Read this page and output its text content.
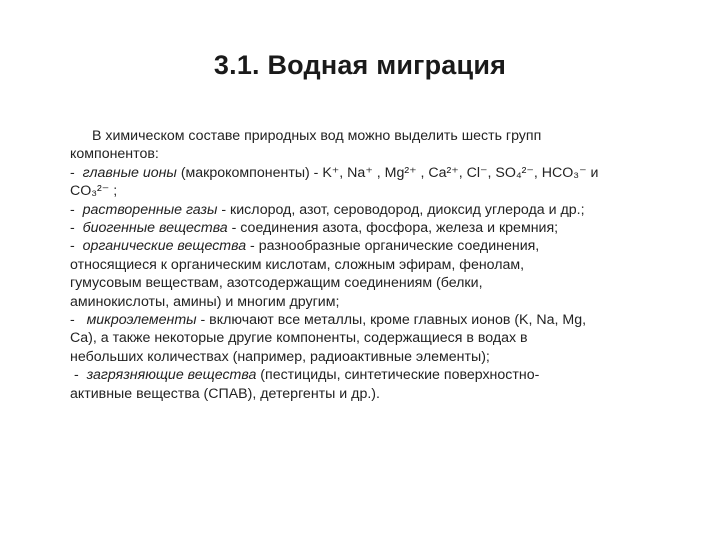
3.1. Водная миграция
В химическом составе природных вод можно выделить шесть групп
компонентов:
- главные ионы (макрокомпоненты) - K⁺, Na⁺ , Mg²⁺ , Ca²⁺, Cl⁻, SO₄²⁻, HCO₃⁻ и
CO₃²⁻ ;
- растворенные газы - кислород, азот, сероводород, диоксид углерода и др.;
- биогенные вещества - соединения азота, фосфора, железа и кремния;
- органические вещества - разнообразные органические соединения,
относящиеся к органическим кислотам, сложным эфирам, фенолам,
гумусовым веществам, азотсодержащим соединениям (белки,
аминокислоты, амины) и многим другим;
- микроэлементы - включают все металлы, кроме главных ионов (K, Na, Mg,
Ca), а также некоторые другие компоненты, содержащиеся в водах в
небольших количествах (например, радиоактивные элементы);
- загрязняющие вещества (пестициды, синтетические поверхностно-
активные вещества (СПАВ), детергенты и др.).
